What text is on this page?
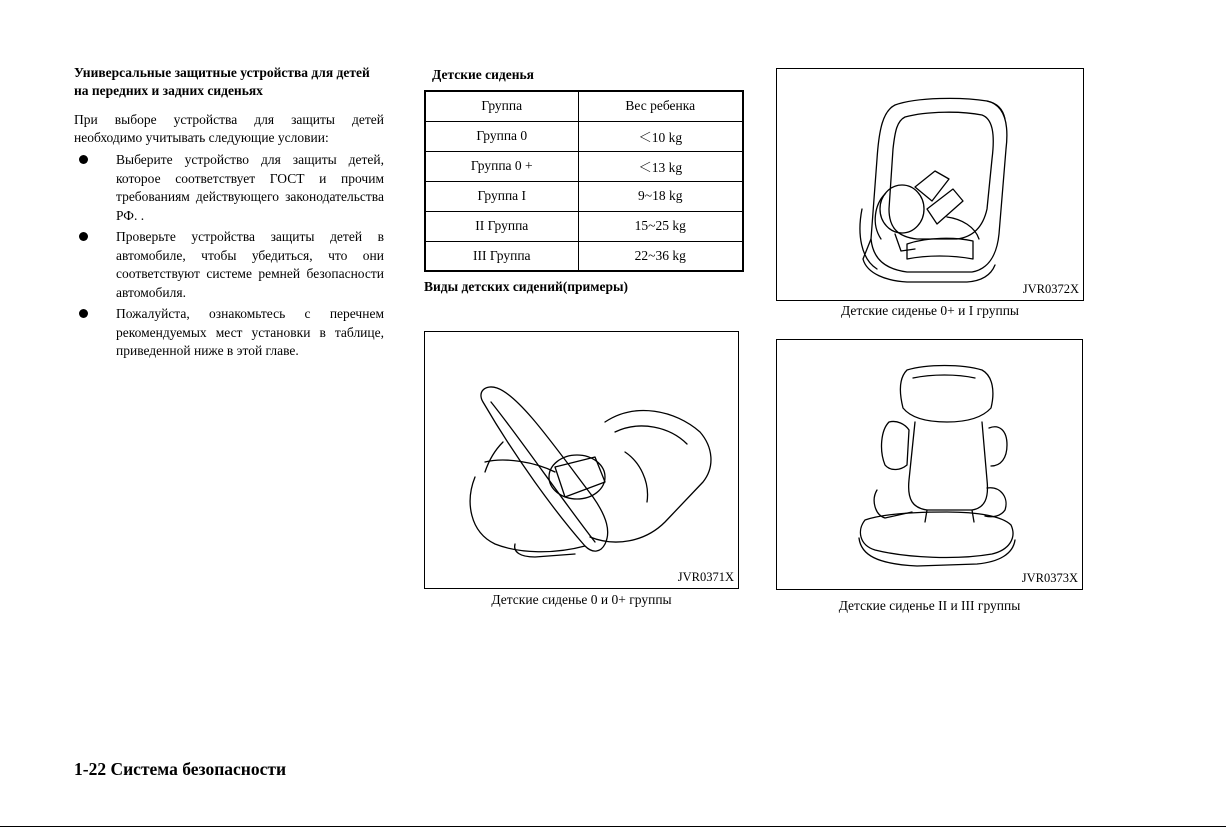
Универсальные защитные устройства для детей на передних и задних сиденьях
При выборе устройства для защиты детей необходимо учитывать следующие условии:
Выберите устройство для защиты детей, которое соответствует ГОСТ и прочим требованиям действующего законодательства РФ. .
Проверьте устройства защиты детей в автомобиле, чтобы убедиться, что они соответствуют системе ремней безопасности автомобиля.
Пожалуйста, ознакомьтесь с перечнем рекомендуемых мест установки в таблице, приведенной ниже в этой главе.
Детские сиденья
Группа	Вес ребенка
Группа 0	＜10 kg
Группа 0 +	＜13 kg
Группа I	9~18 kg
II Группа	15~25 kg
III Группа	22~36 kg
Виды детских сидений(примеры)	JVR0372X
Детские сиденье 0+ и I группы
JVR0371X
Детские сиденье 0 и 0+ группы
JVR0373X
Детские сиденье II и III группы
1-22 Система безопасности
